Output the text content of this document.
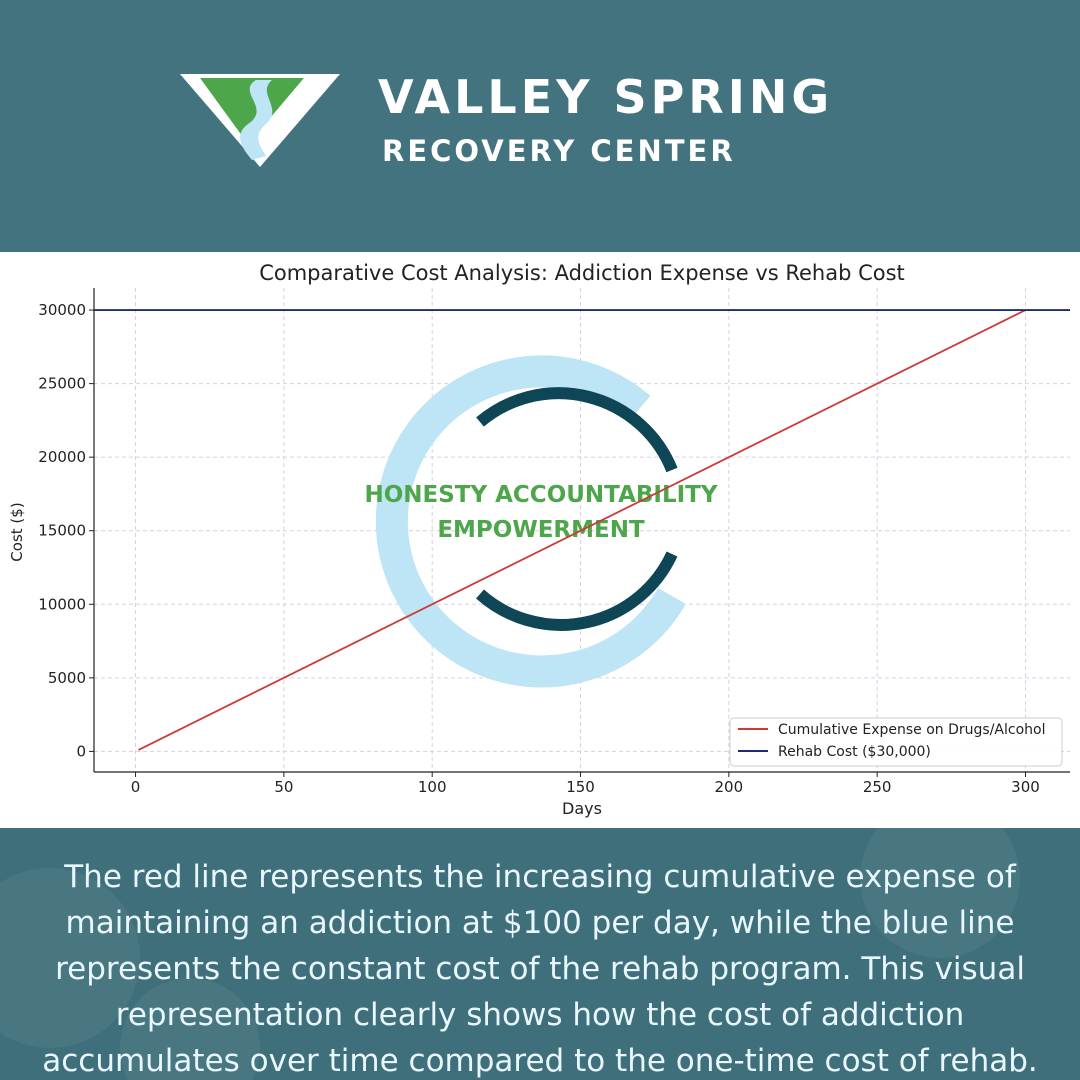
VALLEY SPRING
RECOVERY CENTER
Comparative Cost Analysis: Addiction Expense vs Rehab Cost
HONESTY ACCOUNTABILITY
EMPOWERMENT
0	50	100	150	200	250	300
0
5000
10000
15000
20000
25000
30000
Days
Cost ($)
Cumulative Expense on Drugs/Alcohol
Rehab Cost ($30,000)
The red line represents the increasing cumulative expense of
maintaining an addiction at $100 per day, while the blue line
represents the constant cost of the rehab program. This visual
representation clearly shows how the cost of addiction
accumulates over time compared to the one-time cost of rehab.
